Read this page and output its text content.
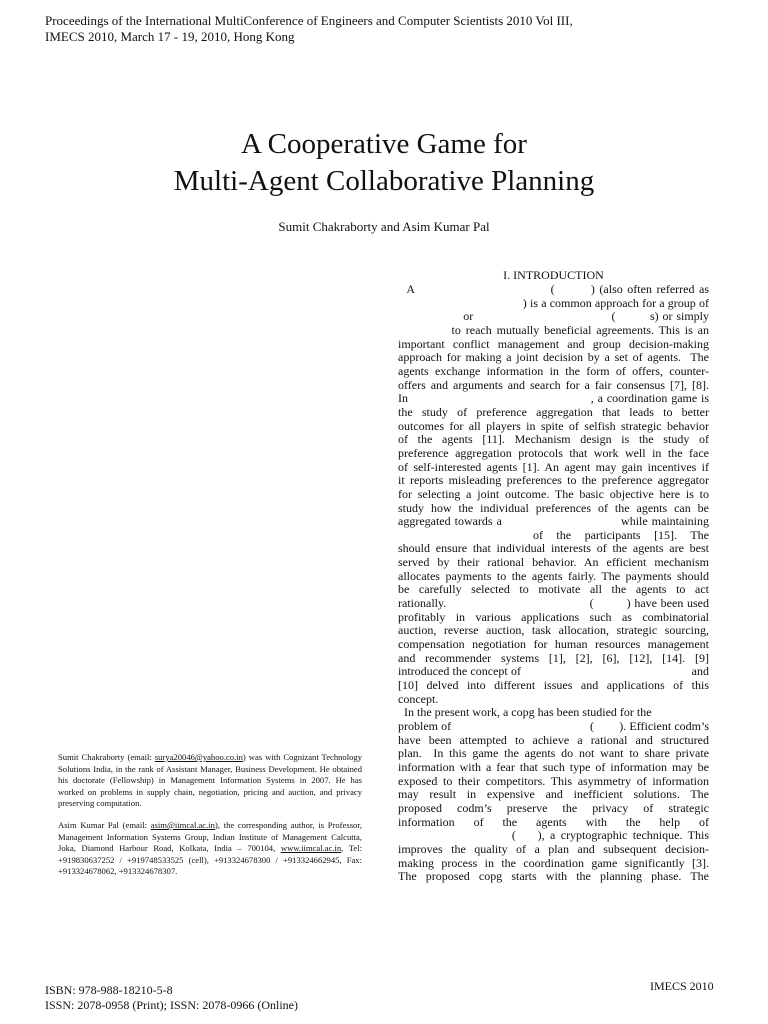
Proceedings of the International MultiConference of Engineers and Computer Scientists 2010 Vol III,
IMECS 2010, March 17 - 19, 2010, Hong Kong
A Cooperative Game for
Multi-Agent Collaborative Planning
Sumit Chakraborty and Asim Kumar Pal
I. INTRODUCTION
A                              (        ) (also often referred as
) is a common approach for a group of
or                                    (         s) or simply
to reach mutually beneficial agreements. This is an
important conflict management and group decision-making
approach for making a joint decision by a set of agents.  The
agents exchange information in the form of offers, counter-
offers and arguments and search for a fair consensus [7], [8].
In                                                , a coordination game is
the study of preference aggregation that leads to better
outcomes for all players in spite of selfish strategic behavior
of the agents [11]. Mechanism design is the study of
preference aggregation protocols that work well in the face
of self-interested agents [1]. An agent may gain incentives if
it reports misleading preferences to the preference aggregator
for selecting a joint outcome. The basic objective here is to
study how the individual preferences of the agents can be
aggregated towards a                              while maintaining
of the participants [15]. The
should ensure that individual interests of the agents are best
served by their rational behavior. An efficient mechanism
allocates payments to the agents fairly. The payments should
be carefully selected to motivate all the agents to act
rationally.                                       (         ) have been used
profitably in various applications such as combinatorial
auction, reverse auction, task allocation, strategic sourcing,
compensation negotiation for human resources management
and recommender systems [1], [2], [6], [12], [14]. [9]
introduced the concept of                                                     and
[10] delved into different issues and applications of this
concept.
In the present work, a copg has been studied for the
problem of                                            (        ). Efficient codm’s
have been attempted to achieve a rational and structured
plan.  In this game the agents do not want to share private
information with a fear that such type of information may be
exposed to their competitors. This asymmetry of information
may result in expensive and inefficient solutions. The
proposed codm’s preserve the privacy of strategic
information of the agents with the help of
(    ), a cryptographic technique. This
improves the quality of a plan and subsequent decision-
making process in the coordination game significantly [3].
The proposed copg starts with the planning phase. The

Sumit Chakraborty (email: surya20046@yahoo.co.in) was with Cognizant Technology Solutions India, in the rank of Assistant Manager, Business Development. He obtained his doctorate (Fellowship) in Management Information Systems in 2007. He has worked on problems in supply chain, negotiation, pricing and auction, and privacy preserving computation.

Asim Kumar Pal (email: asim@iimcal.ac.in), the corresponding author, is Professor, Management Information Systems Group, Indian Institute of Management Calcutta, Joka, Diamond Harbour Road, Kolkata, India – 700104, www.iimcal.ac.in, Tel: +919830637252 / +919748533525 (cell), +913324678300 / +913324662945, Fax: +913324678062, +913324678307.

ISBN: 978-988-18210-5-8
ISSN: 2078-0958 (Print); ISSN: 2078-0966 (Online)
IMECS 2010
